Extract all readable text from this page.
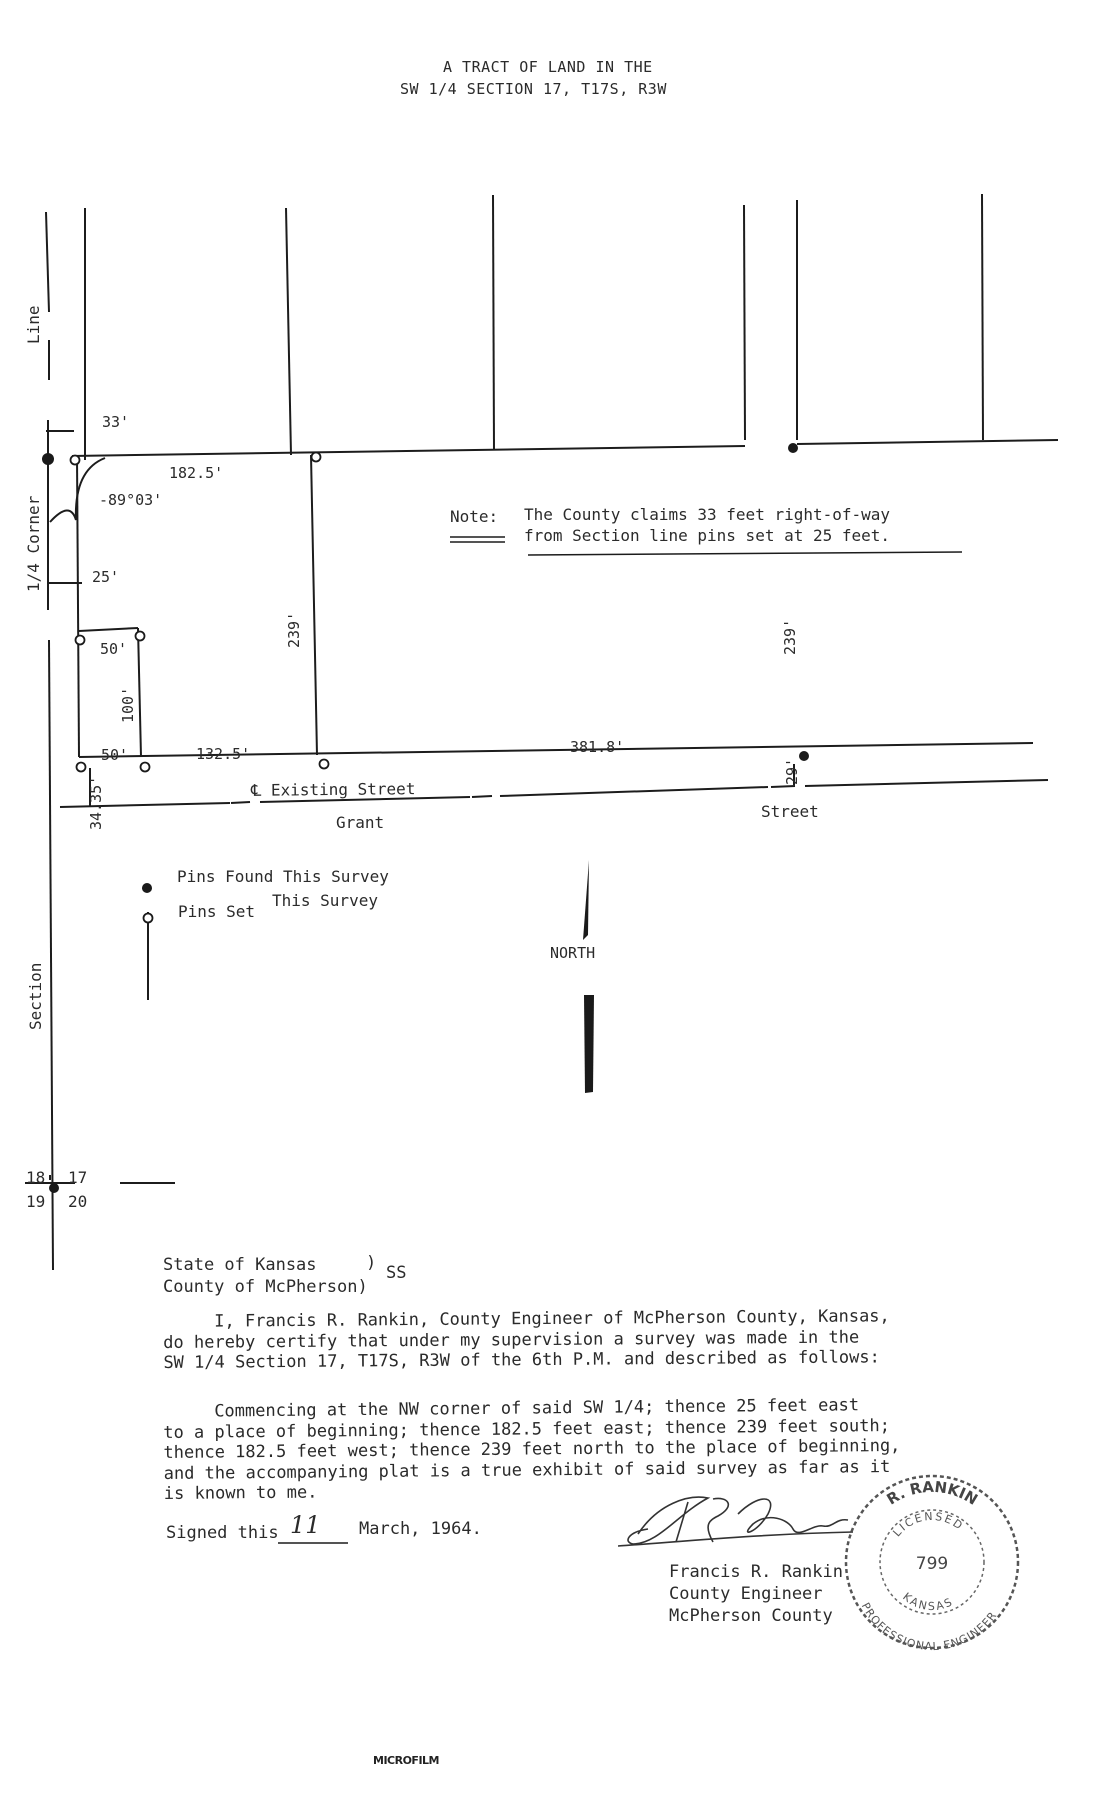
A TRACT OF LAND IN THE
SW 1/4 SECTION 17, T17S, R3W
Line
1/4 Corner
Section
33'
182.5'
-89°03'
25'
239'	239'
50'
100'
50'	132.5'	381.8'
34.35'
29'
℄ Existing Street
Grant
Street
Note: The County claims 33 feet right-of-way
from Section line pins set at 25 feet.
Pins Found This Survey
Pins Set
This Survey
NORTH
18 17
19 20
State of Kansas	) SS
County of McPherson)
I, Francis R. Rankin, County Engineer of McPherson County, Kansas,
do hereby certify that under my supervision a survey was made in the
SW 1/4 Section 17, T17S, R3W of the 6th P.M. and described as follows:
Commencing at the NW corner of said SW 1/4; thence 25 feet east
to a place of beginning; thence 182.5 feet east; thence 239 feet south;
thence 182.5 feet west; thence 239 feet north to the place of beginning,
and the accompanying plat is a true exhibit of said survey as far as it
is known to me.
Signed this 11 March, 1964.
Francis R. Rankin
County Engineer
McPherson County
R. RANKIN
LICENSED
799
KANSAS
PROFESSIONAL ENGINEER
MICROFILM
